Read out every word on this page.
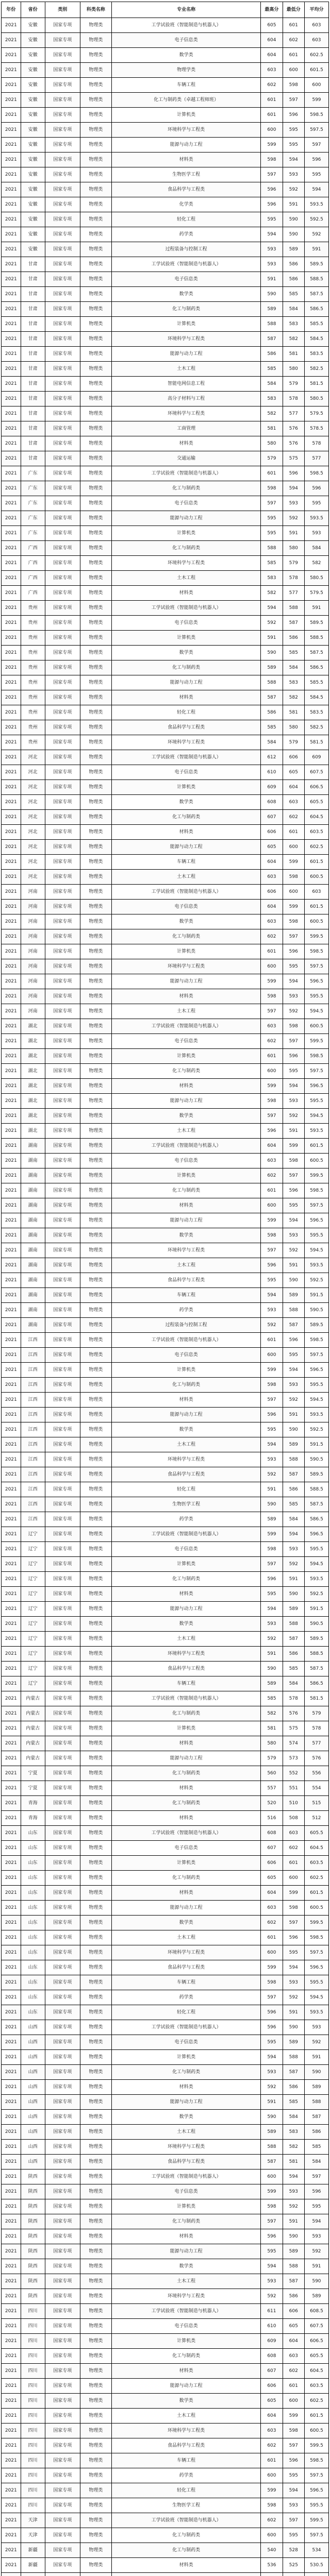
年份	省份	类别	科类名称	专业名称	最高分	最低分	平均分
2021	安徽	国家专项	物理类	工学试验班（智能制造与机器人）	605	601	603
2021	安徽	国家专项	物理类	电子信息类	604	602	603
2021	安徽	国家专项	物理类	数学类	604	601	602.5
2021	安徽	国家专项	物理类	物理学类	603	600	601.5
2021	安徽	国家专项	物理类	车辆工程	602	598	600
2021	安徽	国家专项	物理类	化工与制药类（卓越工程师班）	601	597	599
2021	安徽	国家专项	物理类	计算机类	601	596	598.5
2021	安徽	国家专项	物理类	环境科学与工程类	600	595	597.5
2021	安徽	国家专项	物理类	能源与动力工程	599	595	597
2021	安徽	国家专项	物理类	材料类	598	594	596
2021	安徽	国家专项	物理类	生物医学工程	597	593	595
2021	安徽	国家专项	物理类	食品科学与工程类	596	592	594
2021	安徽	国家专项	物理类	化学类	596	591	593.5
2021	安徽	国家专项	物理类	轻化工程	595	590	592.5
2021	安徽	国家专项	物理类	药学类	594	590	592
2021	安徽	国家专项	物理类	过程装备与控制工程	593	589	591
2021	甘肃	国家专项	物理类	工学试验班（智能制造与机器人）	593	586	589.5
2021	甘肃	国家专项	物理类	电子信息类	591	586	588.5
2021	甘肃	国家专项	物理类	数学类	590	585	587.5
2021	甘肃	国家专项	物理类	化工与制药类	589	584	586.5
2021	甘肃	国家专项	物理类	计算机类	588	583	585.5
2021	甘肃	国家专项	物理类	环境科学与工程类	587	582	584.5
2021	甘肃	国家专项	物理类	能源与动力工程	586	581	583.5
2021	甘肃	国家专项	物理类	土木工程	585	580	582.5
2021	甘肃	国家专项	物理类	智能电网信息工程	584	579	581.5
2021	甘肃	国家专项	物理类	高分子材料与工程	583	578	580.5
2021	甘肃	国家专项	物理类	环境科学与工程类	582	577	579.5
2021	甘肃	国家专项	物理类	工商管理	581	576	578.5
2021	甘肃	国家专项	物理类	材料类	580	576	578
2021	甘肃	国家专项	物理类	交通运输	579	575	577
2021	广东	国家专项	物理类	工学试验班（智能制造与机器人）	601	596	598.5
2021	广东	国家专项	物理类	化工与制药类	598	594	596
2021	广东	国家专项	物理类	电子信息类	597	593	595
2021	广东	国家专项	物理类	能源与动力工程	595	592	593.5
2021	广东	国家专项	物理类	计算机类	595	591	593
2021	广西	国家专项	物理类	化工与制药类	588	580	584
2021	广西	国家专项	物理类	环境科学与工程类	585	579	582
2021	广西	国家专项	物理类	土木工程	583	578	580.5
2021	广西	国家专项	物理类	材料类	582	577	579.5
2021	贵州	国家专项	物理类	工学试验班（智能制造与机器人）	594	588	591
2021	贵州	国家专项	物理类	电子信息类	592	587	589.5
2021	贵州	国家专项	物理类	计算机类	591	586	588.5
2021	贵州	国家专项	物理类	数学类	590	585	587.5
2021	贵州	国家专项	物理类	化工与制药类	589	584	586.5
2021	贵州	国家专项	物理类	能源与动力工程	588	583	585.5
2021	贵州	国家专项	物理类	材料类	587	582	584.5
2021	贵州	国家专项	物理类	轻化工程	586	581	583.5
2021	贵州	国家专项	物理类	食品科学与工程类	585	580	582.5
2021	贵州	国家专项	物理类	环境科学与工程类	584	579	581.5
2021	河北	国家专项	物理类	工学试验班（智能制造与机器人）	612	606	609
2021	河北	国家专项	物理类	电子信息类	610	605	607.5
2021	河北	国家专项	物理类	计算机类	609	604	606.5
2021	河北	国家专项	物理类	数学类	608	603	605.5
2021	河北	国家专项	物理类	化工与制药类	607	602	604.5
2021	河北	国家专项	物理类	材料类	606	601	603.5
2021	河北	国家专项	物理类	能源与动力工程	605	600	602.5
2021	河北	国家专项	物理类	车辆工程	604	599	601.5
2021	河北	国家专项	物理类	土木工程	603	598	600.5
2021	河南	国家专项	物理类	工学试验班（智能制造与机器人）	606	600	603
2021	河南	国家专项	物理类	电子信息类	604	599	601.5
2021	河南	国家专项	物理类	数学类	603	598	600.5
2021	河南	国家专项	物理类	化工与制药类	602	597	599.5
2021	河南	国家专项	物理类	计算机类	601	596	598.5
2021	河南	国家专项	物理类	环境科学与工程类	600	595	597.5
2021	河南	国家专项	物理类	能源与动力工程	599	594	596.5
2021	河南	国家专项	物理类	材料类	598	593	595.5
2021	河南	国家专项	物理类	土木工程	597	592	594.5
2021	湖北	国家专项	物理类	工学试验班（智能制造与机器人）	603	598	600.5
2021	湖北	国家专项	物理类	电子信息类	602	597	599.5
2021	湖北	国家专项	物理类	计算机类	601	596	598.5
2021	湖北	国家专项	物理类	化工与制药类	600	595	597.5
2021	湖北	国家专项	物理类	材料类	599	594	596.5
2021	湖北	国家专项	物理类	能源与动力工程	598	593	595.5
2021	湖北	国家专项	物理类	数学类	597	592	594.5
2021	湖北	国家专项	物理类	土木工程	596	591	593.5
2021	湖南	国家专项	物理类	工学试验班（智能制造与机器人）	604	599	601.5
2021	湖南	国家专项	物理类	电子信息类	603	598	600.5
2021	湖南	国家专项	物理类	计算机类	602	597	599.5
2021	湖南	国家专项	物理类	化工与制药类	601	596	598.5
2021	湖南	国家专项	物理类	材料类	600	595	597.5
2021	湖南	国家专项	物理类	能源与动力工程	599	594	596.5
2021	湖南	国家专项	物理类	数学类	598	593	595.5
2021	湖南	国家专项	物理类	环境科学与工程类	597	592	594.5
2021	湖南	国家专项	物理类	土木工程	596	591	593.5
2021	湖南	国家专项	物理类	食品科学与工程类	595	590	592.5
2021	湖南	国家专项	物理类	车辆工程	594	589	591.5
2021	湖南	国家专项	物理类	药学类	593	588	590.5
2021	湖南	国家专项	物理类	过程装备与控制工程	592	587	589.5
2021	江西	国家专项	物理类	工学试验班（智能制造与机器人）	601	596	598.5
2021	江西	国家专项	物理类	电子信息类	600	595	597.5
2021	江西	国家专项	物理类	计算机类	599	594	596.5
2021	江西	国家专项	物理类	化工与制药类	598	593	595.5
2021	江西	国家专项	物理类	材料类	597	592	594.5
2021	江西	国家专项	物理类	能源与动力工程	596	591	593.5
2021	江西	国家专项	物理类	数学类	595	590	592.5
2021	江西	国家专项	物理类	土木工程	594	589	591.5
2021	江西	国家专项	物理类	环境科学与工程类	593	588	590.5
2021	江西	国家专项	物理类	食品科学与工程类	592	587	589.5
2021	江西	国家专项	物理类	轻化工程	591	586	588.5
2021	江西	国家专项	物理类	生物医学工程	590	585	587.5
2021	江西	国家专项	物理类	药学类	589	584	586.5
2021	辽宁	国家专项	物理类	工学试验班（智能制造与机器人）	599	594	596.5
2021	辽宁	国家专项	物理类	电子信息类	598	593	595.5
2021	辽宁	国家专项	物理类	计算机类	597	592	594.5
2021	辽宁	国家专项	物理类	化工与制药类	596	591	593.5
2021	辽宁	国家专项	物理类	材料类	595	590	592.5
2021	辽宁	国家专项	物理类	能源与动力工程	594	589	591.5
2021	辽宁	国家专项	物理类	数学类	593	588	590.5
2021	辽宁	国家专项	物理类	土木工程	592	587	589.5
2021	辽宁	国家专项	物理类	环境科学与工程类	591	586	588.5
2021	辽宁	国家专项	物理类	食品科学与工程类	590	585	587.5
2021	辽宁	国家专项	物理类	车辆工程	589	584	586.5
2021	内蒙古	国家专项	物理类	工学试验班（智能制造与机器人）	585	578	581.5
2021	内蒙古	国家专项	物理类	化工与制药类	582	576	579
2021	内蒙古	国家专项	物理类	计算机类	581	575	578
2021	内蒙古	国家专项	物理类	材料类	580	574	577
2021	内蒙古	国家专项	物理类	能源与动力工程	579	573	576
2021	宁夏	国家专项	物理类	化工与制药类	560	552	556
2021	宁夏	国家专项	物理类	材料类	557	551	554
2021	青海	国家专项	物理类	化工与制药类	520	510	515
2021	青海	国家专项	物理类	材料类	516	508	512
2021	山东	国家专项	物理类	工学试验班（智能制造与机器人）	608	603	605.5
2021	山东	国家专项	物理类	电子信息类	607	602	604.5
2021	山东	国家专项	物理类	计算机类	606	601	603.5
2021	山东	国家专项	物理类	化工与制药类	605	600	602.5
2021	山东	国家专项	物理类	材料类	604	599	601.5
2021	山东	国家专项	物理类	能源与动力工程	603	598	600.5
2021	山东	国家专项	物理类	数学类	602	597	599.5
2021	山东	国家专项	物理类	土木工程	601	596	598.5
2021	山东	国家专项	物理类	环境科学与工程类	600	595	597.5
2021	山东	国家专项	物理类	食品科学与工程类	599	594	596.5
2021	山东	国家专项	物理类	车辆工程	598	593	595.5
2021	山东	国家专项	物理类	药学类	597	592	594.5
2021	山东	国家专项	物理类	轻化工程	596	591	593.5
2021	山西	国家专项	物理类	工学试验班（智能制造与机器人）	596	590	593
2021	山西	国家专项	物理类	电子信息类	595	589	592
2021	山西	国家专项	物理类	计算机类	594	588	591
2021	山西	国家专项	物理类	化工与制药类	593	587	590
2021	山西	国家专项	物理类	材料类	592	586	589
2021	山西	国家专项	物理类	能源与动力工程	591	585	588
2021	山西	国家专项	物理类	数学类	590	584	587
2021	山西	国家专项	物理类	土木工程	589	583	586
2021	山西	国家专项	物理类	环境科学与工程类	588	582	585
2021	山西	国家专项	物理类	食品科学与工程类	587	581	584
2021	陕西	国家专项	物理类	工学试验班（智能制造与机器人）	600	594	597
2021	陕西	国家专项	物理类	电子信息类	599	593	596
2021	陕西	国家专项	物理类	计算机类	598	592	595
2021	陕西	国家专项	物理类	化工与制药类	597	591	594
2021	陕西	国家专项	物理类	材料类	596	590	593
2021	陕西	国家专项	物理类	能源与动力工程	595	589	592
2021	陕西	国家专项	物理类	数学类	594	588	591
2021	陕西	国家专项	物理类	土木工程	593	587	590
2021	陕西	国家专项	物理类	环境科学与工程类	592	586	589
2021	四川	国家专项	物理类	工学试验班（智能制造与机器人）	611	606	608.5
2021	四川	国家专项	物理类	电子信息类	610	605	607.5
2021	四川	国家专项	物理类	计算机类	609	604	606.5
2021	四川	国家专项	物理类	化工与制药类	608	603	605.5
2021	四川	国家专项	物理类	材料类	607	602	604.5
2021	四川	国家专项	物理类	能源与动力工程	606	601	603.5
2021	四川	国家专项	物理类	数学类	605	600	602.5
2021	四川	国家专项	物理类	土木工程	604	599	601.5
2021	四川	国家专项	物理类	环境科学与工程类	603	598	600.5
2021	四川	国家专项	物理类	食品科学与工程类	602	597	599.5
2021	四川	国家专项	物理类	车辆工程	601	596	598.5
2021	四川	国家专项	物理类	药学类	600	595	597.5
2021	四川	国家专项	物理类	轻化工程	599	594	596.5
2021	四川	国家专项	物理类	生物医学工程	598	593	595.5
2021	天津	国家专项	物理类	工学试验班（智能制造与机器人）	602	597	599.5
2021	天津	国家专项	物理类	化工与制药类	600	595	597.5
2021	新疆	国家专项	物理类	化工与制药类	540	528	534
2021	新疆	国家专项	物理类	材料类	536	525	530.5
